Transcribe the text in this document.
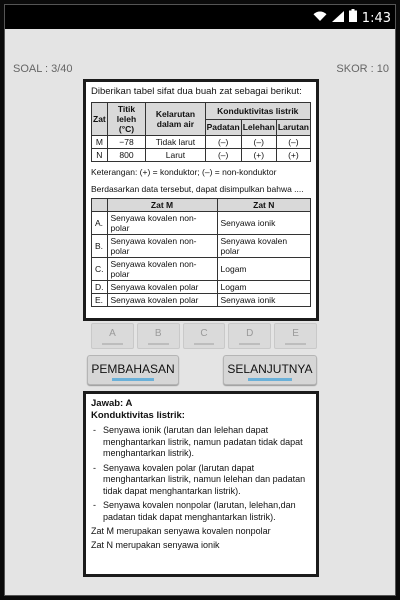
1:43
SOAL : 3/40	SKOR : 10
Diberikan tabel sifat dua buah zat sebagai berikut:
Zat	Titik leleh (°C)	Kelarutan dalam air	Konduktivitas listrik		
			Padatan	Lelehan	Larutan
M	−78	Tidak larut	(–)	(–)	(–)
N	800	Larut	(–)	(+)	(+)
Keterangan: (+) = konduktor; (–) = non-konduktor
Berdasarkan data tersebut, dapat disimpulkan bahwa ....
	Zat M	Zat N
A.	Senyawa kovalen non-polar	Senyawa ionik
B.	Senyawa kovalen non-polar	Senyawa kovalen polar
C.	Senyawa kovalen non-polar	Logam
D.	Senyawa kovalen polar	Logam
E.	Senyawa kovalen polar	Senyawa ionik
A	B	C	D	E
PEMBAHASAN	SELANJUTNYA
Jawab: A
Konduktivitas listrik:
- Senyawa ionik (larutan dan lelehan dapat menghantarkan listrik, namun padatan tidak dapat menghantarkan listrik).
- Senyawa kovalen polar (larutan dapat menghantarkan listrik, namun lelehan dan padatan tidak dapat menghantarkan listrik).
- Senyawa kovalen nonpolar (larutan, lelehan,dan padatan tidak dapat menghantarkan listrik).
Zat M merupakan senyawa kovalen nonpolar
Zat N merupakan senyawa ionik
